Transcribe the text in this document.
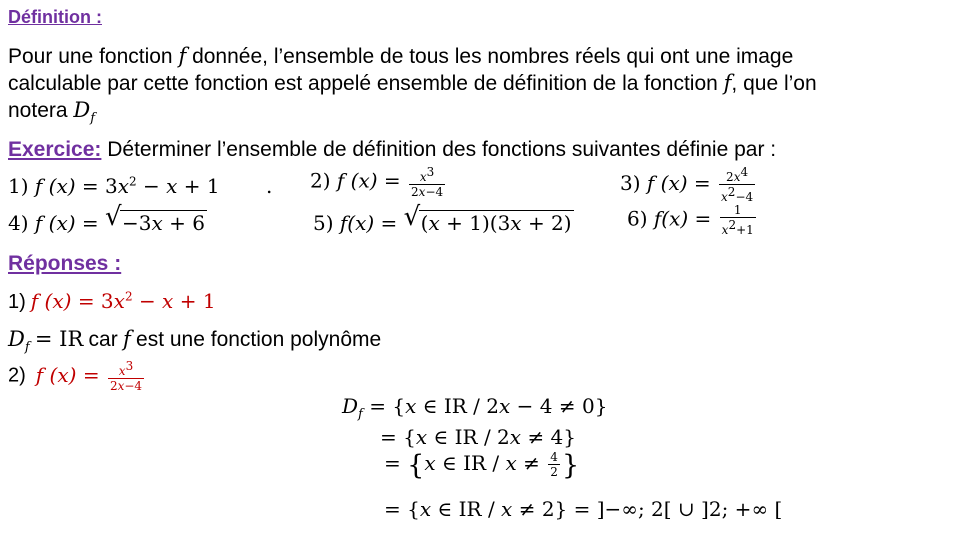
Définition :
Pour une fonction f donnée, l’ensemble de tous les nombres réels qui ont une image
calculable par cette fonction est appelé ensemble de définition de la fonction f, que l’on
notera $D_f$
Exercice: Déterminer l’ensemble de définition des fonctions suivantes définie par :
1) f $(x) = 3x^2 - x + 1$ . 2) f $(x) = \frac{x^3}{2x-4}$	3) f $(x) = \frac{2x^4}{x^2-4}$
4) f (x) = √ −3x + 6	5) f(x) = √ (x + 1)(3x + 2)	6) $f(x) = \frac{1}{x^2+1}$
Réponses :
1) f $(x) = 3x^2 - x + 1$
$D_f$ = IR car f est une fonction polynôme
2) f $(x) = \frac{x^3}{2x-4}$
$D_f = \{x$ ∈ IR / 2x − 4 ≠ 0}
= {x ∈ IR / 2x ≠ 4}
= {x ∈ IR / $x \ne \frac{4}{2}$ }
= {x ∈ IR / x ≠ 2} = ]−∞; 2[ ∪ ]2; +∞ [
